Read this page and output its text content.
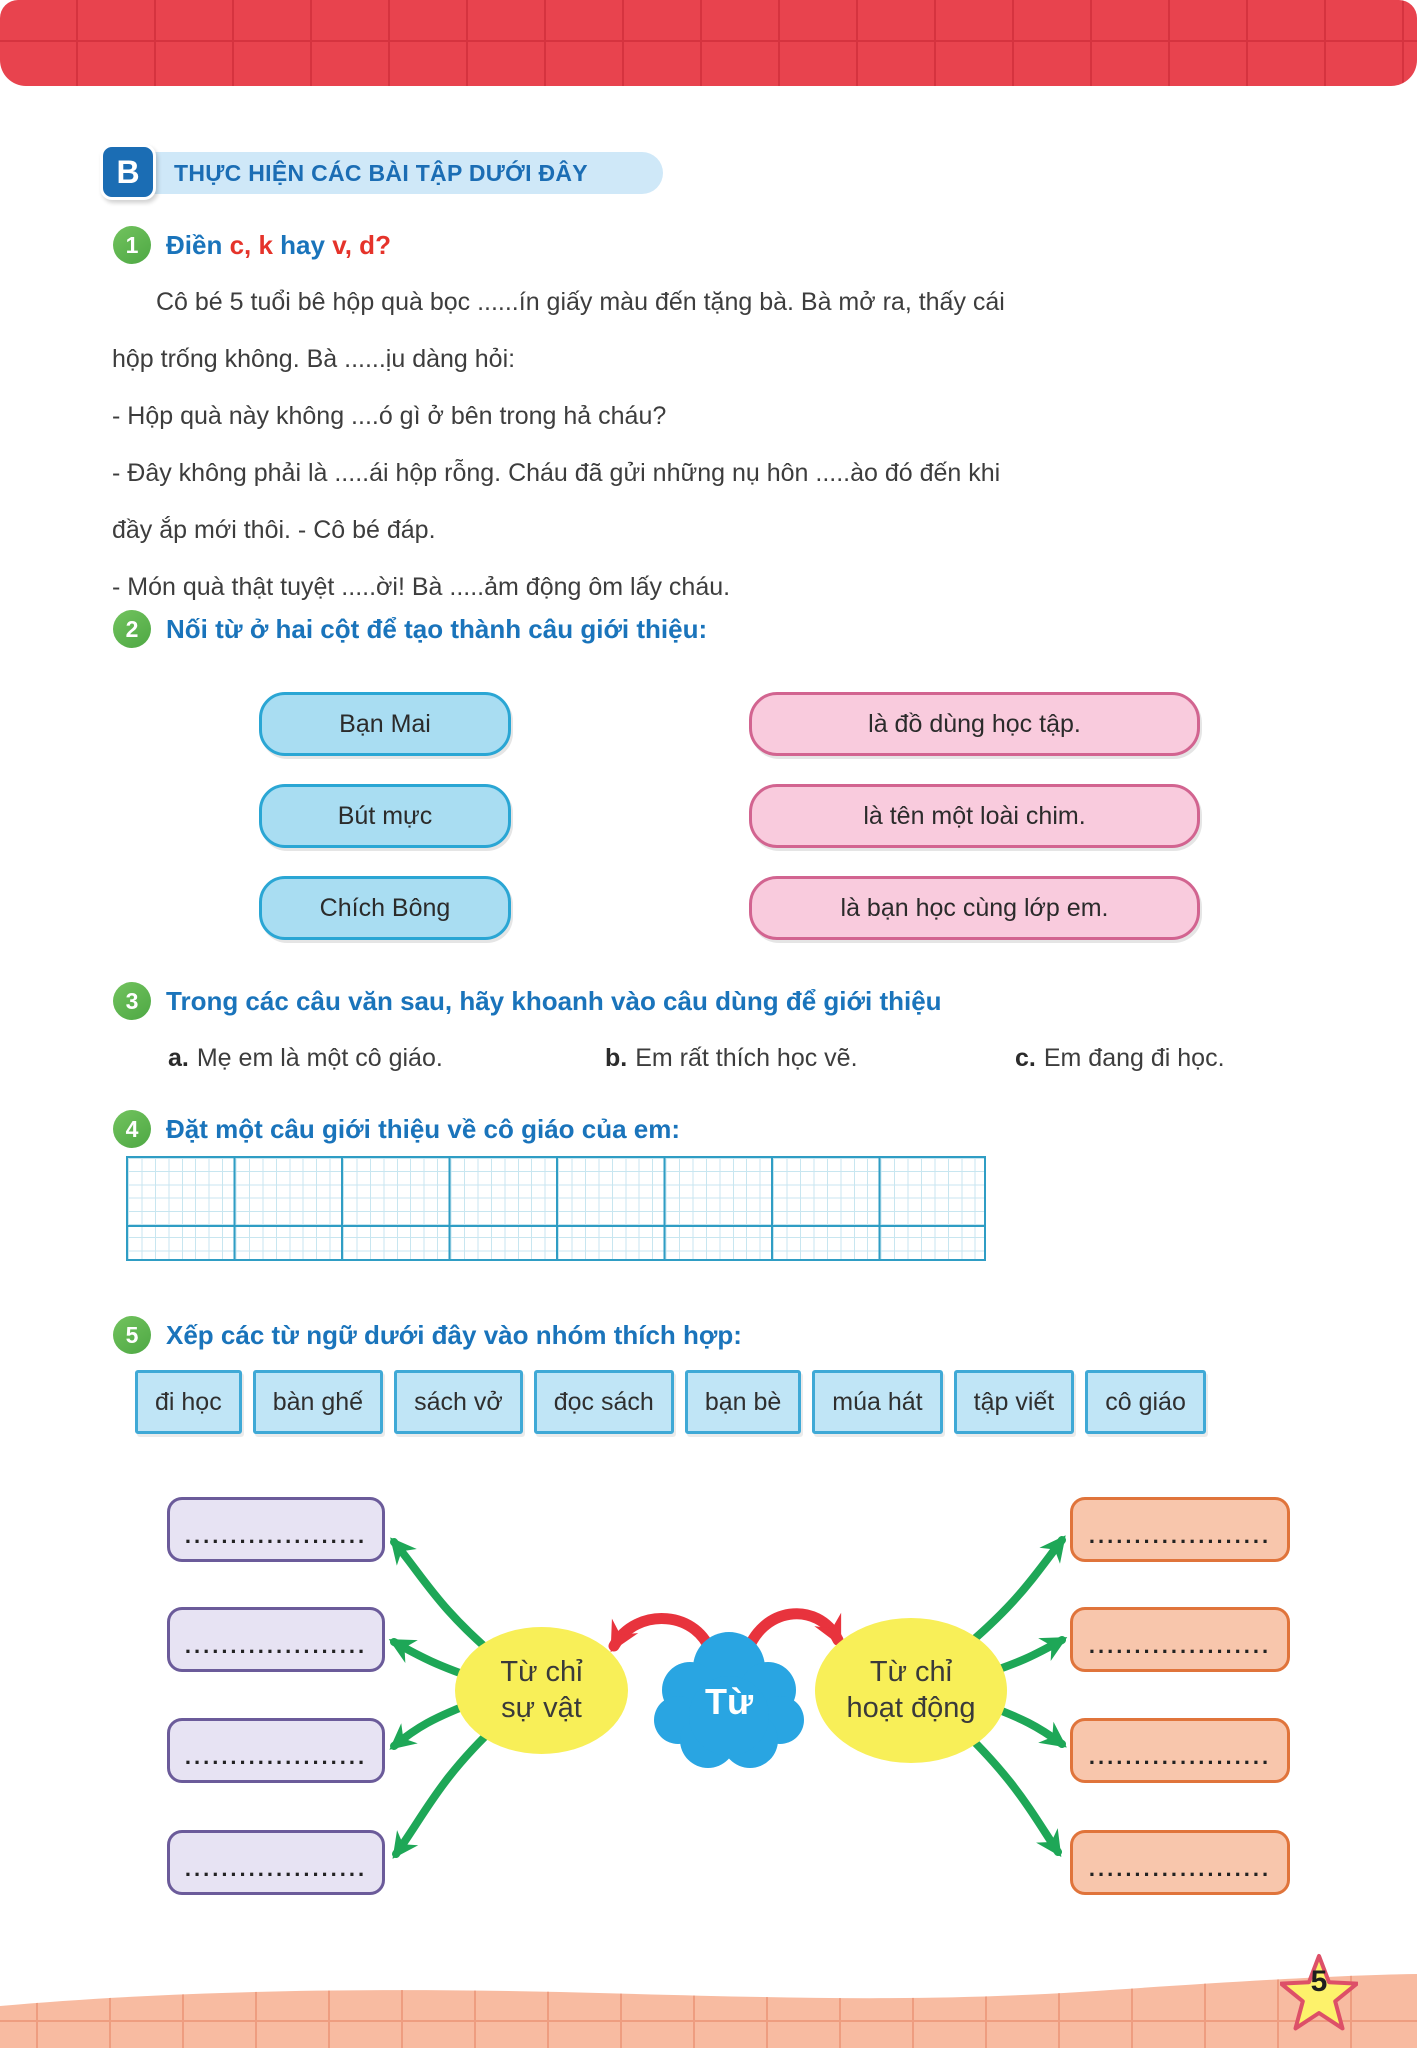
THỰC HIỆN CÁC BÀI TẬP DƯỚI ĐÂY
B
1 Điền c, k hay v, d?
Cô bé 5 tuổi bê hộp quà bọc ......ín giấy màu đến tặng bà. Bà mở ra, thấy cái
hộp trống không. Bà ......ịu dàng hỏi:
- Hộp quà này không ....ó gì ở bên trong hả cháu?
- Đây không phải là .....ái hộp rỗng. Cháu đã gửi những nụ hôn .....ào đó đến khi
đầy ắp mới thôi. - Cô bé đáp.
- Món quà thật tuyệt .....ời! Bà .....ảm động ôm lấy cháu.
2 Nối từ ở hai cột để tạo thành câu giới thiệu:
Bạn Mai
Bút mực
Chích Bông
là đồ dùng học tập.
là tên một loài chim.
là bạn học cùng lớp em.
3 Trong các câu văn sau, hãy khoanh vào câu dùng để giới thiệu
a. Mẹ em là một cô giáo.	b. Em rất thích học vẽ.	c. Em đang đi học.
4 Đặt một câu giới thiệu về cô giáo của em:
5 Xếp các từ ngữ dưới đây vào nhóm thích hợp:
đi học	bàn ghế	sách vở	đọc sách	bạn bè	múa hát	tập viết	cô giáo
....................
....................
....................
....................
....................
....................
....................
....................
Từ chỉ
sự vật
Từ chỉ
hoạt động
Từ
5
